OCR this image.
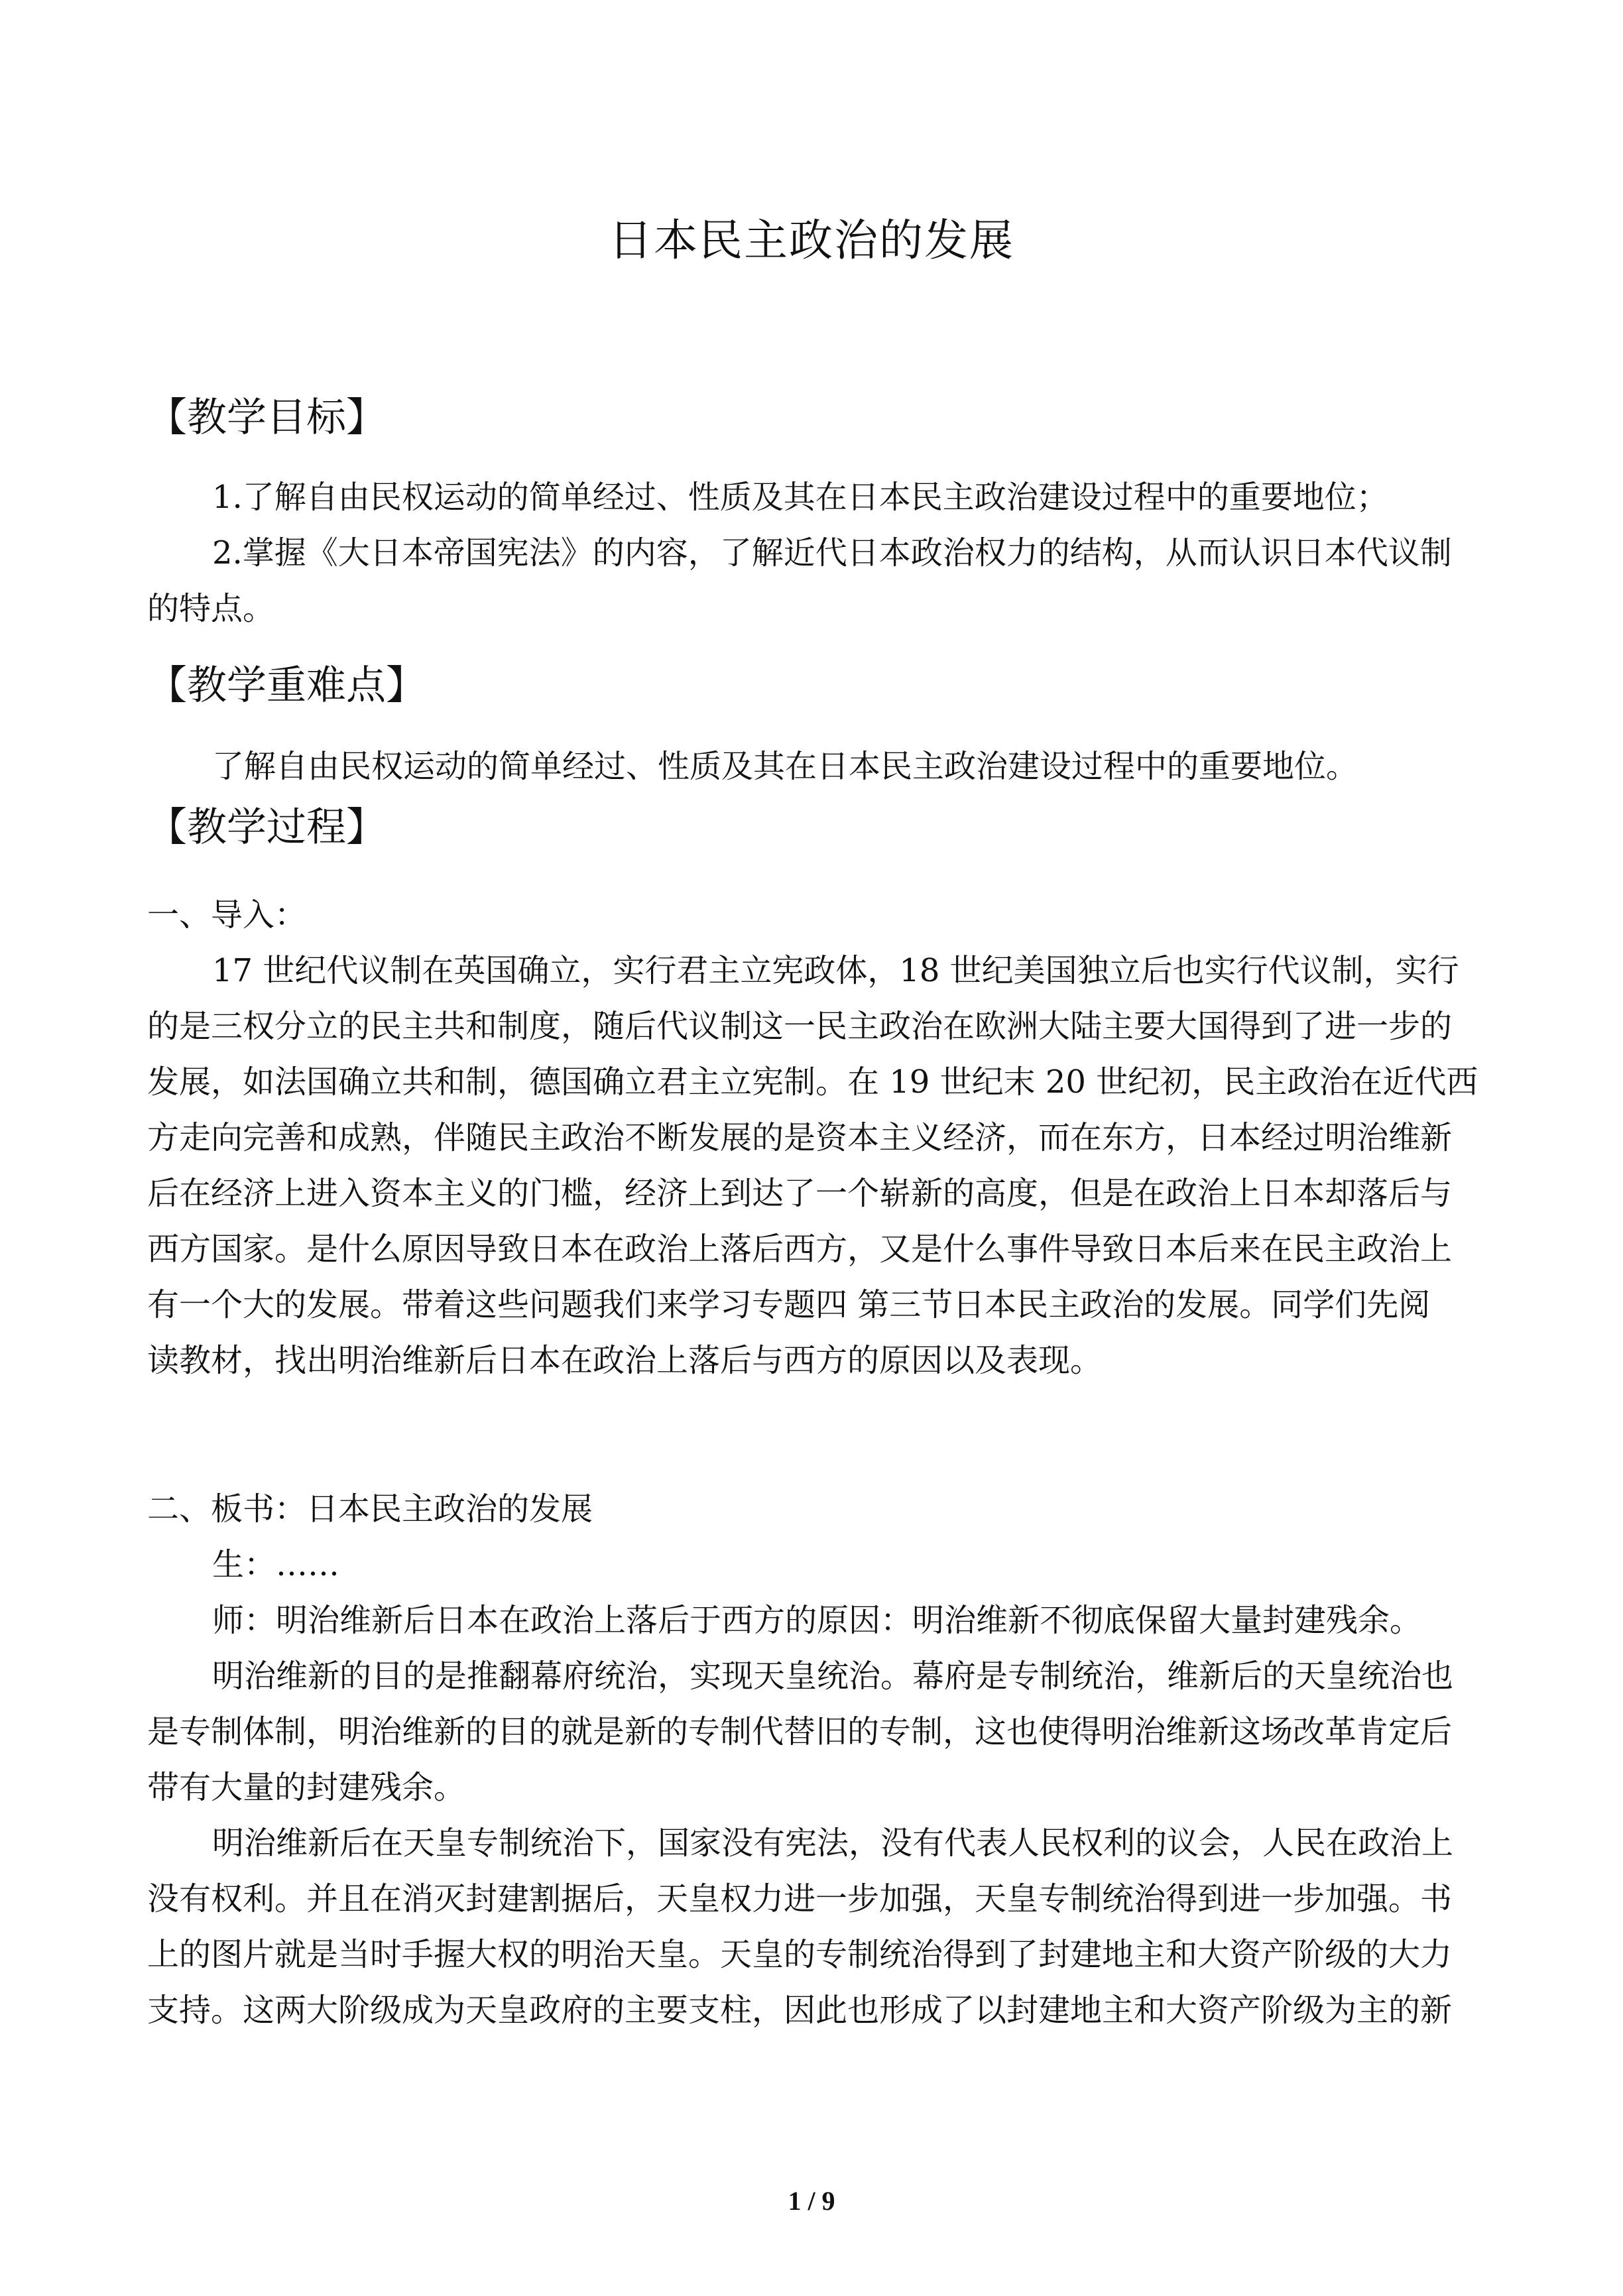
日本民主政治的发展
【教学目标】

1.了解自由民权运动的简单经过、性质及其在日本民主政治建设过程中的重要地位；

2.掌握《大日本帝国宪法》的内容，了解近代日本政治权力的结构，从而认识日本代议制

的特点。

【教学重难点】

了解自由民权运动的简单经过、性质及其在日本民主政治建设过程中的重要地位。

【教学过程】

一、导入：

17 世纪代议制在英国确立，实行君主立宪政体，18 世纪美国独立后也实行代议制，实行

的是三权分立的民主共和制度，随后代议制这一民主政治在欧洲大陆主要大国得到了进一步的

发展，如法国确立共和制，德国确立君主立宪制。在 19 世纪末 20 世纪初，民主政治在近代西

方走向完善和成熟，伴随民主政治不断发展的是资本主义经济，而在东方，日本经过明治维新

后在经济上进入资本主义的门槛，经济上到达了一个崭新的高度，但是在政治上日本却落后与

西方国家。是什么原因导致日本在政治上落后西方，又是什么事件导致日本后来在民主政治上

有一个大的发展。带着这些问题我们来学习专题四 第三节日本民主政治的发展。同学们先阅

读教材，找出明治维新后日本在政治上落后与西方的原因以及表现。

二、板书：日本民主政治的发展

生：……

师：明治维新后日本在政治上落后于西方的原因：明治维新不彻底保留大量封建残余。

明治维新的目的是推翻幕府统治，实现天皇统治。幕府是专制统治，维新后的天皇统治也

是专制体制，明治维新的目的就是新的专制代替旧的专制，这也使得明治维新这场改革肯定后

带有大量的封建残余。

明治维新后在天皇专制统治下，国家没有宪法，没有代表人民权利的议会，人民在政治上

没有权利。并且在消灭封建割据后，天皇权力进一步加强，天皇专制统治得到进一步加强。书

上的图片就是当时手握大权的明治天皇。天皇的专制统治得到了封建地主和大资产阶级的大力

支持。这两大阶级成为天皇政府的主要支柱，因此也形成了以封建地主和大资产阶级为主的新

1 / 9
